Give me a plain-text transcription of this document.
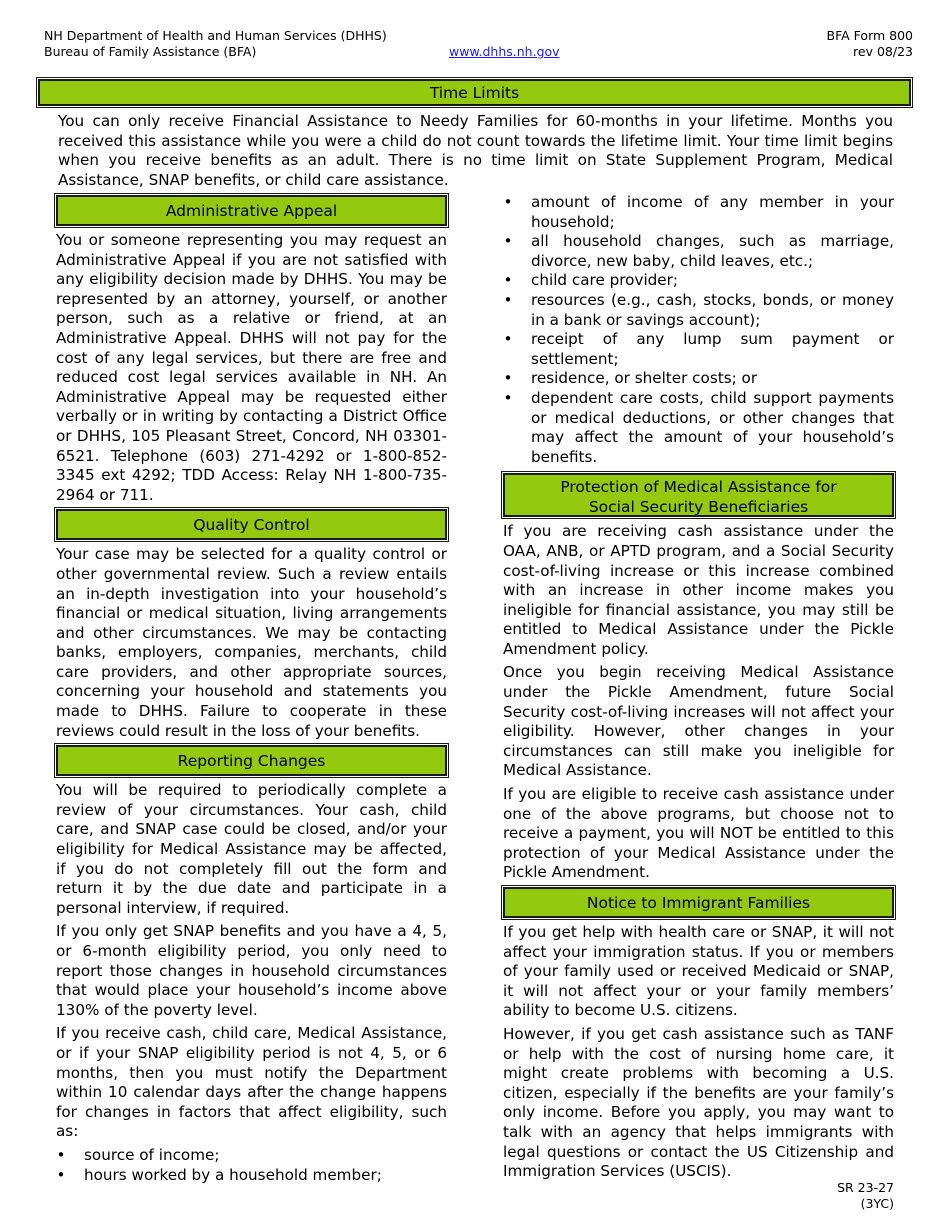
NH Department of Health and Human Services (DHHS)
Bureau of Family Assistance (BFA)	www.dhhs.nh.gov
BFA Form 800
rev 08/23
Time Limits

You can only receive Financial Assistance to Needy Families for 60-months in your lifetime. Months you received this assistance while you were a child do not count towards the lifetime limit. Your time limit begins when you receive benefits as an adult. There is no time limit on State Supplement Program, Medical Assistance, SNAP benefits, or child care assistance.

Administrative Appeal

You or someone representing you may request an Administrative Appeal if you are not satisfied with any eligibility decision made by DHHS. You may be represented by an attorney, yourself, or another person, such as a relative or friend, at an Administrative Appeal. DHHS will not pay for the cost of any legal services, but there are free and reduced cost legal services available in NH. An Administrative Appeal may be requested either verbally or in writing by contacting a District Office or DHHS, 105 Pleasant Street, Concord, NH 03301-6521. Telephone (603) 271-4292 or 1-800-852-3345 ext 4292; TDD Access: Relay NH 1-800-735-2964 or 711.

Quality Control

Your case may be selected for a quality control or other governmental review. Such a review entails an in-depth investigation into your household’s financial or medical situation, living arrangements and other circumstances. We may be contacting banks, employers, companies, merchants, child care providers, and other appropriate sources, concerning your household and statements you made to DHHS. Failure to cooperate in these reviews could result in the loss of your benefits.

Reporting Changes

You will be required to periodically complete a review of your circumstances. Your cash, child care, and SNAP case could be closed, and/or your eligibility for Medical Assistance may be affected, if you do not completely fill out the form and return it by the due date and participate in a personal interview, if required.

If you only get SNAP benefits and you have a 4, 5, or 6-month eligibility period, you only need to report those changes in household circumstances that would place your household’s income above 130% of the poverty level.

If you receive cash, child care, Medical Assistance, or if your SNAP eligibility period is not 4, 5, or 6 months, then you must notify the Department within 10 calendar days after the change happens for changes in factors that affect eligibility, such as:

• source of income;
• hours worked by a household member;
• amount of income of any member in your household;
• all household changes, such as marriage, divorce, new baby, child leaves, etc.;
• child care provider;
• resources (e.g., cash, stocks, bonds, or money in a bank or savings account);
• receipt of any lump sum payment or settlement;
• residence, or shelter costs; or
• dependent care costs, child support payments or medical deductions, or other changes that may affect the amount of your household’s benefits.
Protection of Medical Assistance for
Social Security Beneficiaries

If you are receiving cash assistance under the OAA, ANB, or APTD program, and a Social Security cost-of-living increase or this increase combined with an increase in other income makes you ineligible for financial assistance, you may still be entitled to Medical Assistance under the Pickle Amendment policy.

Once you begin receiving Medical Assistance under the Pickle Amendment, future Social Security cost-of-living increases will not affect your eligibility. However, other changes in your circumstances can still make you ineligible for Medical Assistance.

If you are eligible to receive cash assistance under one of the above programs, but choose not to receive a payment, you will NOT be entitled to this protection of your Medical Assistance under the Pickle Amendment.

Notice to Immigrant Families

If you get help with health care or SNAP, it will not affect your immigration status. If you or members of your family used or received Medicaid or SNAP, it will not affect your or your family members’ ability to become U.S. citizens.

However, if you get cash assistance such as TANF or help with the cost of nursing home care, it might create problems with becoming a U.S. citizen, especially if the benefits are your family’s only income. Before you apply, you may want to talk with an agency that helps immigrants with legal questions or contact the US Citizenship and Immigration Services (USCIS).

SR 23-27
(3YC)
